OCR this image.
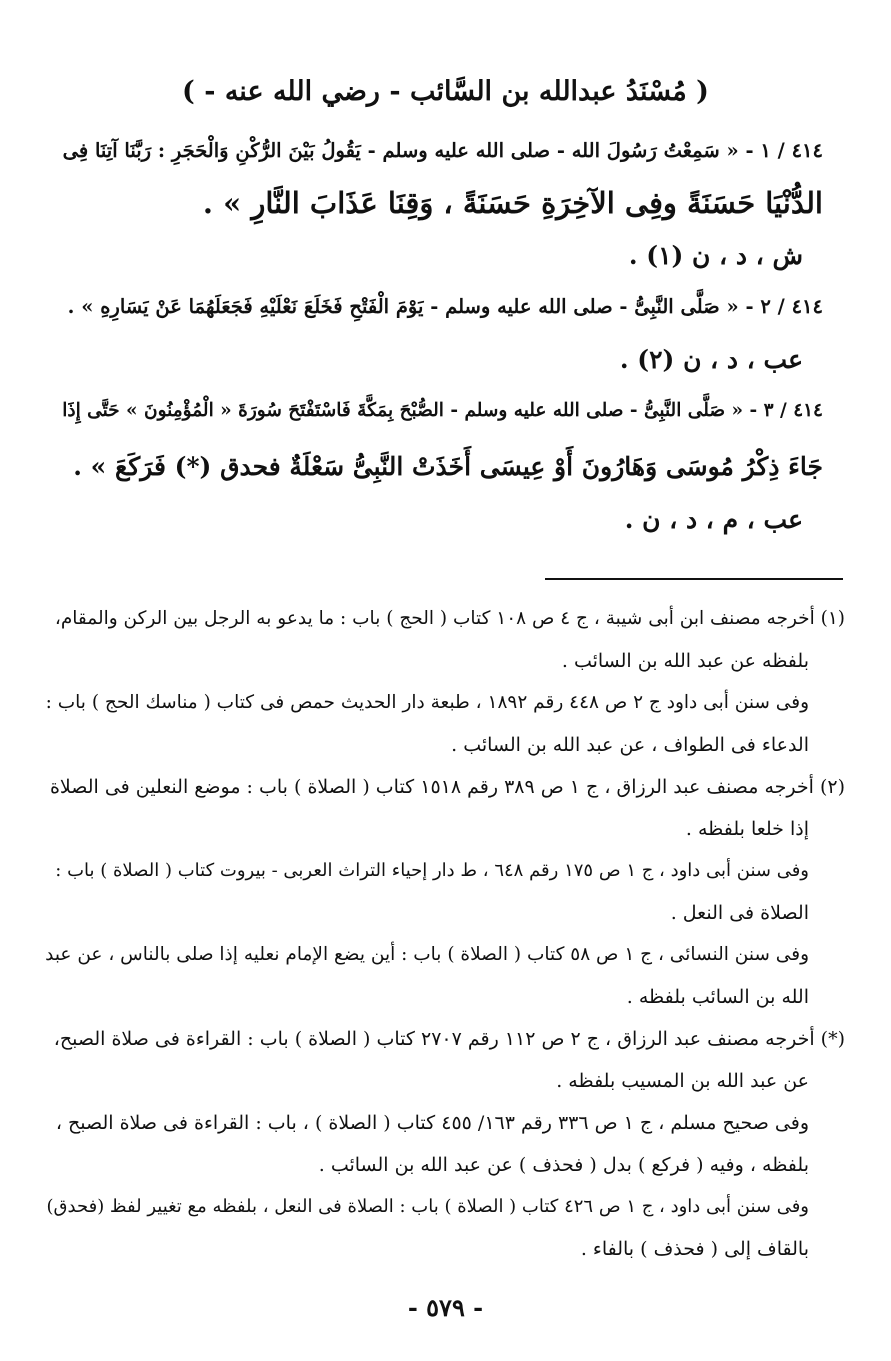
( مُسْنَدُ عبدالله بن السَّائب - رضي الله عنه - )
٤١٤ / ١ - « سَمِعْتُ رَسُولَ الله - صلى الله عليه وسلم - يَقُولُ بَيْنَ الرُّكْنِ وَالْحَجَرِ : رَبَّنَا آتِنَا فِى
الدُّنْيَا حَسَنَةً وفِى الآخِرَةِ حَسَنَةً ، وَقِنَا عَذَابَ النَّارِ » .
ش ، د ، ن (١) .
٤١٤ / ٢ - « صَلَّى النَّبِىُّ - صلى الله عليه وسلم - يَوْمَ الْفَتْحِ فَخَلَعَ نَعْلَيْهِ فَجَعَلَهُمَا عَنْ يَسَارِهِ » .
عب ، د ، ن (٢) .
٤١٤ / ٣ - « صَلَّى النَّبِىُّ - صلى الله عليه وسلم - الصُّبْحَ بِمَكَّةَ فَاسْتَفْتَحَ سُورَةَ « الْمُؤْمِنُونَ » حَتَّى إِذَا
جَاءَ ذِكْرُ مُوسَى وَهَارُونَ أَوْ عِيسَى أَخَذَتْ النَّبِىُّ سَعْلَةٌ فحدق (*) فَرَكَعَ » .
عب ، م ، د ، ن .
(١) أخرجه مصنف ابن أبى شيبة ، ج ٤ ص ١٠٨ كتاب ( الحج ) باب : ما يدعو به الرجل بين الركن والمقام،
بلفظه عن عبد الله بن السائب .
وفى سنن أبى داود ج ٢ ص ٤٤٨ رقم ١٨٩٢ ، طبعة دار الحديث حمص فى كتاب ( مناسك الحج ) باب :
الدعاء فى الطواف ، عن عبد الله بن السائب .
(٢) أخرجه مصنف عبد الرزاق ، ج ١ ص ٣٨٩ رقم ١٥١٨ كتاب ( الصلاة ) باب : موضع النعلين فى الصلاة
إذا خلعا بلفظه .
وفى سنن أبى داود ، ج ١ ص ١٧٥ رقم ٦٤٨ ، ط دار إحياء التراث العربى - بيروت كتاب ( الصلاة ) باب :
الصلاة فى النعل .
وفى سنن النسائى ، ج ١ ص ٥٨ كتاب ( الصلاة ) باب : أين يضع الإمام نعليه إذا صلى بالناس ، عن عبد
الله بن السائب بلفظه .
(*) أخرجه مصنف عبد الرزاق ، ج ٢ ص ١١٢ رقم ٢٧٠٧ كتاب ( الصلاة ) باب : القراءة فى صلاة الصبح،
عن عبد الله بن المسيب بلفظه .
وفى صحيح مسلم ، ج ١ ص ٣٣٦ رقم ١٦٣/ ٤٥٥ كتاب ( الصلاة ) ، باب : القراءة فى صلاة الصبح ،
بلفظه ، وفيه ( فركع ) بدل ( فحذف ) عن عبد الله بن السائب .
وفى سنن أبى داود ، ج ١ ص ٤٢٦ كتاب ( الصلاة ) باب : الصلاة فى النعل ، بلفظه مع تغيير لفظ (فحدق)
بالقاف إلى ( فحذف ) بالفاء .
- ٥٧٩ -
